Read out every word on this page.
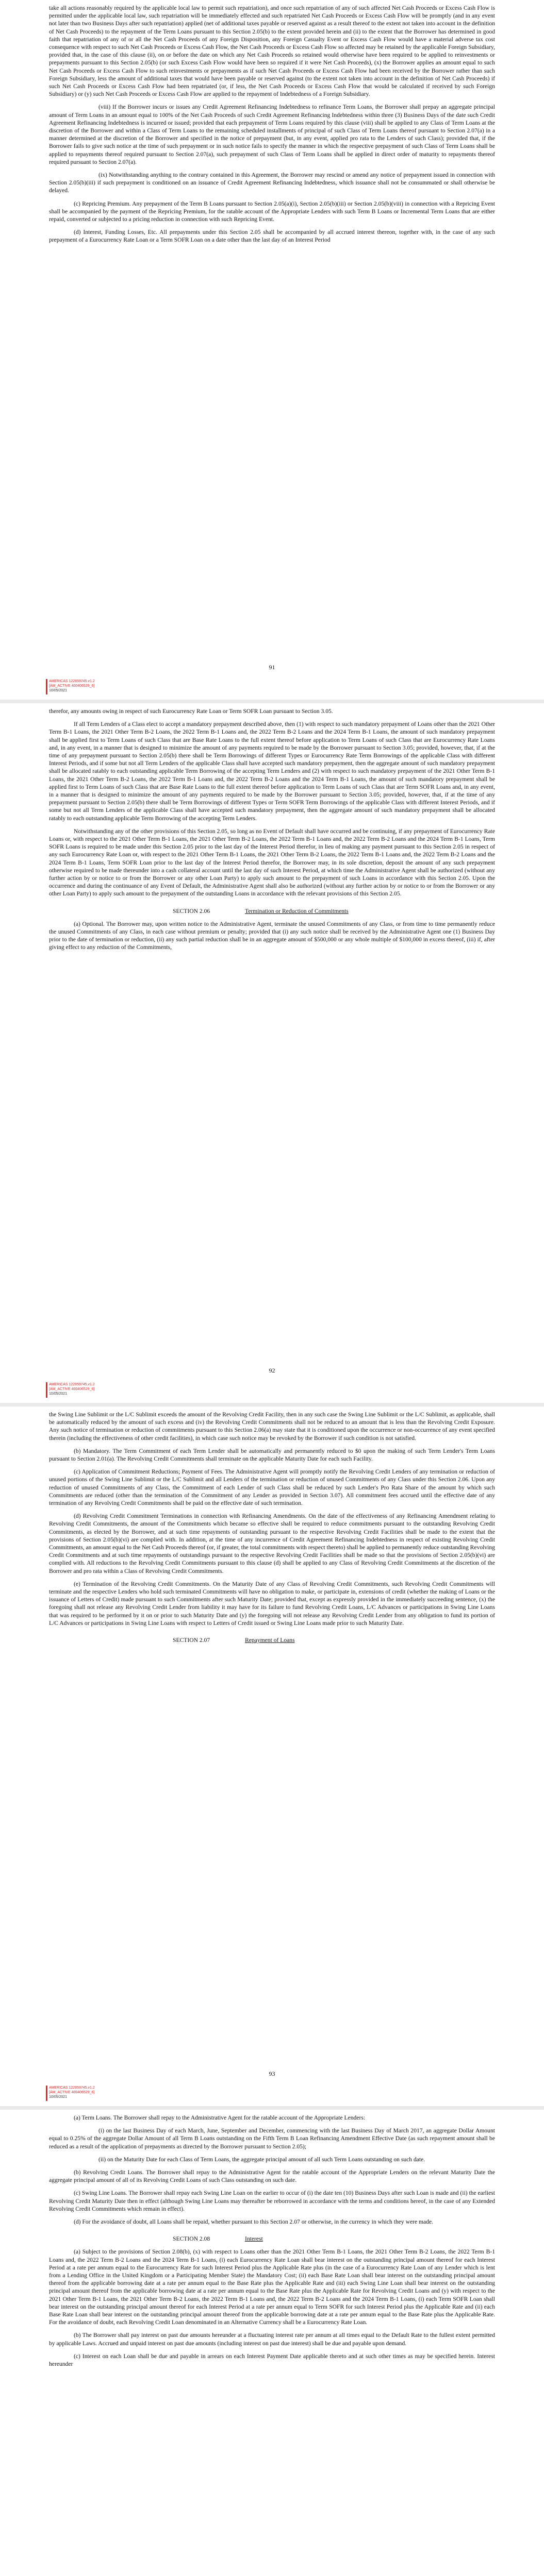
take all actions reasonably required by the applicable local law to permit such repatriation), and once such repatriation of any of such affected Net Cash Proceeds or Excess Cash Flow is permitted under the applicable local law, such repatriation will be immediately effected and such repatriated Net Cash Proceeds or Excess Cash Flow will be promptly (and in any event not later than two Business Days after such repatriation) applied (net of additional taxes payable or reserved against as a result thereof to the extent not taken into account in the definition of Net Cash Proceeds) to the repayment of the Term Loans pursuant to this Section 2.05(b) to the extent provided herein and (ii) to the extent that the Borrower has determined in good faith that repatriation of any of or all the Net Cash Proceeds of any Foreign Disposition, any Foreign Casualty Event or Excess Cash Flow would have a material adverse tax cost consequence with respect to such Net Cash Proceeds or Excess Cash Flow, the Net Cash Proceeds or Excess Cash Flow so affected may be retained by the applicable Foreign Subsidiary, provided that, in the case of this clause (ii), on or before the date on which any Net Cash Proceeds so retained would otherwise have been required to be applied to reinvestments or prepayments pursuant to this Section 2.05(b) (or such Excess Cash Flow would have been so required if it were Net Cash Proceeds), (x) the Borrower applies an amount equal to such Net Cash Proceeds or Excess Cash Flow to such reinvestments or prepayments as if such Net Cash Proceeds or Excess Cash Flow had been received by the Borrower rather than such Foreign Subsidiary, less the amount of additional taxes that would have been payable or reserved against (to the extent not taken into account in the definition of Net Cash Proceeds) if such Net Cash Proceeds or Excess Cash Flow had been repatriated (or, if less, the Net Cash Proceeds or Excess Cash Flow that would be calculated if received by such Foreign Subsidiary) or (y) such Net Cash Proceeds or Excess Cash Flow are applied to the repayment of Indebtedness of a Foreign Subsidiary.

(viii) If the Borrower incurs or issues any Credit Agreement Refinancing Indebtedness to refinance Term Loans, the Borrower shall prepay an aggregate principal amount of Term Loans in an amount equal to 100% of the Net Cash Proceeds of such Credit Agreement Refinancing Indebtedness within three (3) Business Days of the date such Credit Agreement Refinancing Indebtedness is incurred or issued; provided that each prepayment of Term Loans required by this clause (viii) shall be applied to any Class of Term Loans at the discretion of the Borrower and within a Class of Term Loans to the remaining scheduled installments of principal of such Class of Term Loans thereof pursuant to Section 2.07(a) in a manner determined at the discretion of the Borrower and specified in the notice of prepayment (but, in any event, applied pro rata to the Lenders of such Class); provided that, if the Borrower fails to give such notice at the time of such prepayment or in such notice fails to specify the manner in which the respective prepayment of such Class of Term Loans shall be applied to repayments thereof required pursuant to Section 2.07(a), such prepayment of such Class of Term Loans shall be applied in direct order of maturity to repayments thereof required pursuant to Section 2.07(a).

(ix) Notwithstanding anything to the contrary contained in this Agreement, the Borrower may rescind or amend any notice of prepayment issued in connection with Section 2.05(b)(iii) if such prepayment is conditioned on an issuance of Credit Agreement Refinancing Indebtedness, which issuance shall not be consummated or shall otherwise be delayed.

(c) Repricing Premium. Any prepayment of the Term B Loans pursuant to Section 2.05(a)(i), Section 2.05(b)(iii) or Section 2.05(b)(viii) in connection with a Repricing Event shall be accompanied by the payment of the Repricing Premium, for the ratable account of the Appropriate Lenders with such Term B Loans or Incremental Term Loans that are either repaid, converted or subjected to a pricing reduction in connection with such Repricing Event.

(d) Interest, Funding Losses, Etc. All prepayments under this Section 2.05 shall be accompanied by all accrued interest thereon, together with, in the case of any such prepayment of a Eurocurrency Rate Loan or a Term SOFR Loan on a date other than the last day of an Interest Period

91
AMERICAS 122859745.v1.2
[AM_ACTIVE 400406529_6]
10/05/2021

therefor, any amounts owing in respect of such Eurocurrency Rate Loan or Term SOFR Loan pursuant to Section 3.05.

If all Term Lenders of a Class elect to accept a mandatory prepayment described above, then (1) with respect to such mandatory prepayment of Loans other than the 2021 Other Term B-1 Loans, the 2021 Other Term B-2 Loans, the 2022 Term B-1 Loans and, the 2022 Term B-2 Loans and the 2024 Term B-1 Loans, the amount of such mandatory prepayment shall be applied first to Term Loans of such Class that are Base Rate Loans to the full extent thereof before application to Term Loans of such Class that are Eurocurrency Rate Loans and, in any event, in a manner that is designed to minimize the amount of any payments required to be made by the Borrower pursuant to Section 3.05; provided, however, that, if at the time of any prepayment pursuant to Section 2.05(b) there shall be Term Borrowings of different Types or Eurocurrency Rate Term Borrowings of the applicable Class with different Interest Periods, and if some but not all Term Lenders of the applicable Class shall have accepted such mandatory prepayment, then the aggregate amount of such mandatory prepayment shall be allocated ratably to each outstanding applicable Term Borrowing of the accepting Term Lenders and (2) with respect to such mandatory prepayment of the 2021 Other Term B-1 Loans, the 2021 Other Term B-2 Loans, the 2022 Term B-1 Loans and, the 2022 Term B-2 Loans and the 2024 Term B-1 Loans, the amount of such mandatory prepayment shall be applied first to Term Loans of such Class that are Base Rate Loans to the full extent thereof before application to Term Loans of such Class that are Term SOFR Loans and, in any event, in a manner that is designed to minimize the amount of any payments required to be made by the Borrower pursuant to Section 3.05; provided, however, that, if at the time of any prepayment pursuant to Section 2.05(b) there shall be Term Borrowings of different Types or Term SOFR Term Borrowings of the applicable Class with different Interest Periods, and if some but not all Term Lenders of the applicable Class shall have accepted such mandatory prepayment, then the aggregate amount of such mandatory prepayment shall be allocated ratably to each outstanding applicable Term Borrowing of the accepting Term Lenders.

Notwithstanding any of the other provisions of this Section 2.05, so long as no Event of Default shall have occurred and be continuing, if any prepayment of Eurocurrency Rate Loans or, with respect to the 2021 Other Term B-1 Loans, the 2021 Other Term B-2 Loans, the 2022 Term B-1 Loans and, the 2022 Term B-2 Loans and the 2024 Term B-1 Loans, Term SOFR Loans is required to be made under this Section 2.05 prior to the last day of the Interest Period therefor, in lieu of making any payment pursuant to this Section 2.05 in respect of any such Eurocurrency Rate Loan or, with respect to the 2021 Other Term B-1 Loans, the 2021 Other Term B-2 Loans, the 2022 Term B-1 Loans and, the 2022 Term B-2 Loans and the 2024 Term B-1 Loans, Term SOFR Loan prior to the last day of the Interest Period therefor, the Borrower may, in its sole discretion, deposit the amount of any such prepayment otherwise required to be made thereunder into a cash collateral account until the last day of such Interest Period, at which time the Administrative Agent shall be authorized (without any further action by or notice to or from the Borrower or any other Loan Party) to apply such amount to the prepayment of such Loans in accordance with this Section 2.05. Upon the occurrence and during the continuance of any Event of Default, the Administrative Agent shall also be authorized (without any further action by or notice to or from the Borrower or any other Loan Party) to apply such amount to the prepayment of the outstanding Loans in accordance with the relevant provisions of this Section 2.05.

SECTION 2.06	Termination or Reduction of Commitments

(a) Optional. The Borrower may, upon written notice to the Administrative Agent, terminate the unused Commitments of any Class, or from time to time permanently reduce the unused Commitments of any Class, in each case without premium or penalty; provided that (i) any such notice shall be received by the Administrative Agent one (1) Business Day prior to the date of termination or reduction, (ii) any such partial reduction shall be in an aggregate amount of $500,000 or any whole multiple of $100,000 in excess thereof, (iii) if, after giving effect to any reduction of the Commitments,

92
AMERICAS 122859745.v1.2
[AM_ACTIVE 400406529_6]
10/05/2021

the Swing Line Sublimit or the L/C Sublimit exceeds the amount of the Revolving Credit Facility, then in any such case the Swing Line Sublimit or the L/C Sublimit, as applicable, shall be automatically reduced by the amount of such excess and (iv) the Revolving Credit Commitments shall not be reduced to an amount that is less than the Revolving Credit Exposure. Any such notice of termination or reduction of commitments pursuant to this Section 2.06(a) may state that it is conditioned upon the occurrence or non-occurrence of any event specified therein (including the effectiveness of other credit facilities), in which case such notice may be revoked by the Borrower if such condition is not satisfied.

(b) Mandatory. The Term Commitment of each Term Lender shall be automatically and permanently reduced to $0 upon the making of such Term Lender's Term Loans pursuant to Section 2.01(a). The Revolving Credit Commitments shall terminate on the applicable Maturity Date for each such Facility.

(c) Application of Commitment Reductions; Payment of Fees. The Administrative Agent will promptly notify the Revolving Credit Lenders of any termination or reduction of unused portions of the Swing Line Sublimit or the L/C Sublimit and all Lenders of the termination or reduction of unused Commitments of any Class under this Section 2.06. Upon any reduction of unused Commitments of any Class, the Commitment of each Lender of such Class shall be reduced by such Lender's Pro Rata Share of the amount by which such Commitments are reduced (other than the termination of the Commitment of any Lender as provided in Section 3.07). All commitment fees accrued until the effective date of any termination of any Revolving Credit Commitments shall be paid on the effective date of such termination.

(d) Revolving Credit Commitment Terminations in connection with Refinancing Amendments. On the date of the effectiveness of any Refinancing Amendment relating to Revolving Credit Commitments, the amount of the Commitments which became so effective shall be required to reduce commitments pursuant to the outstanding Revolving Credit Commitments, as elected by the Borrower, and at such time repayments of outstanding pursuant to the respective Revolving Credit Facilities shall be made to the extent that the provisions of Section 2.05(b)(vi) are complied with. In addition, at the time of any incurrence of Credit Agreement Refinancing Indebtedness in respect of existing Revolving Credit Commitments, an amount equal to the Net Cash Proceeds thereof (or, if greater, the total commitments with respect thereto) shall be applied to permanently reduce outstanding Revolving Credit Commitments and at such time repayments of outstandings pursuant to the respective Revolving Credit Facilities shall be made so that the provisions of Section 2.05(b)(vi) are complied with. All reductions to the Revolving Credit Commitments pursuant to this clause (d) shall be applied to any Class of Revolving Credit Commitments at the discretion of the Borrower and pro rata within a Class of Revolving Credit Commitments.

(e) Termination of the Revolving Credit Commitments. On the Maturity Date of any Class of Revolving Credit Commitments, such Revolving Credit Commitments will terminate and the respective Lenders who hold such terminated Commitments will have no obligation to make, or participate in, extensions of credit (whether the making of Loans or the issuance of Letters of Credit) made pursuant to such Commitments after such Maturity Date; provided that, except as expressly provided in the immediately succeeding sentence, (x) the foregoing shall not release any Revolving Credit Lender from liability it may have for its failure to fund Revolving Credit Loans, L/C Advances or participations in Swing Line Loans that was required to be performed by it on or prior to such Maturity Date and (y) the foregoing will not release any Revolving Credit Lender from any obligation to fund its portion of L/C Advances or participations in Swing Line Loans with respect to Letters of Credit issued or Swing Line Loans made prior to such Maturity Date.

SECTION 2.07	Repayment of Loans

93
AMERICAS 122859745.v1.2
[AM_ACTIVE 400406529_6]
10/05/2021

(a) Term Loans. The Borrower shall repay to the Administrative Agent for the ratable account of the Appropriate Lenders:

(i) on the last Business Day of each March, June, September and December, commencing with the last Business Day of March 2017, an aggregate Dollar Amount equal to 0.25% of the aggregate Dollar Amount of all Term B Loans outstanding on the Fifth Term B Loan Refinancing Amendment Effective Date (as such repayment amount shall be reduced as a result of the application of prepayments as directed by the Borrower pursuant to Section 2.05);

(ii) on the Maturity Date for each Class of Term Loans, the aggregate principal amount of all such Term Loans outstanding on such date.

(b) Revolving Credit Loans. The Borrower shall repay to the Administrative Agent for the ratable account of the Appropriate Lenders on the relevant Maturity Date the aggregate principal amount of all of its Revolving Credit Loans of such Class outstanding on such date.

(c) Swing Line Loans. The Borrower shall repay each Swing Line Loan on the earlier to occur of (i) the date ten (10) Business Days after such Loan is made and (ii) the earliest Revolving Credit Maturity Date then in effect (although Swing Line Loans may thereafter be reborrowed in accordance with the terms and conditions hereof, in the case of any Extended Revolving Credit Commitments which remain in effect).

(d) For the avoidance of doubt, all Loans shall be repaid, whether pursuant to this Section 2.07 or otherwise, in the currency in which they were made.

SECTION 2.08	Interest

(a) Subject to the provisions of Section 2.08(b), (x) with respect to Loans other than the 2021 Other Term B-1 Loans, the 2021 Other Term B-2 Loans, the 2022 Term B-1 Loans and, the 2022 Term B-2 Loans and the 2024 Term B-1 Loans, (i) each Eurocurrency Rate Loan shall bear interest on the outstanding principal amount thereof for each Interest Period at a rate per annum equal to the Eurocurrency Rate for such Interest Period plus the Applicable Rate plus (in the case of a Eurocurrency Rate Loan of any Lender which is lent from a Lending Office in the United Kingdom or a Participating Member State) the Mandatory Cost; (ii) each Base Rate Loan shall bear interest on the outstanding principal amount thereof from the applicable borrowing date at a rate per annum equal to the Base Rate plus the Applicable Rate and (iii) each Swing Line Loan shall bear interest on the outstanding principal amount thereof from the applicable borrowing date at a rate per annum equal to the Base Rate plus the Applicable Rate for Revolving Credit Loans and (y) with respect to the 2021 Other Term B-1 Loans, the 2021 Other Term B-2 Loans, the 2022 Term B-1 Loans and, the 2022 Term B-2 Loans and the 2024 Term B-1 Loans, (i) each Term SOFR Loan shall bear interest on the outstanding principal amount thereof for each Interest Period at a rate per annum equal to Term SOFR for such Interest Period plus the Applicable Rate and (ii) each Base Rate Loan shall bear interest on the outstanding principal amount thereof from the applicable borrowing date at a rate per annum equal to the Base Rate plus the Applicable Rate. For the avoidance of doubt, each Revolving Credit Loan denominated in an Alternative Currency shall be a Eurocurrency Rate Loan.

(b) The Borrower shall pay interest on past due amounts hereunder at a fluctuating interest rate per annum at all times equal to the Default Rate to the fullest extent permitted by applicable Laws. Accrued and unpaid interest on past due amounts (including interest on past due interest) shall be due and payable upon demand.

(c) Interest on each Loan shall be due and payable in arrears on each Interest Payment Date applicable thereto and at such other times as may be specified herein. Interest hereunder
